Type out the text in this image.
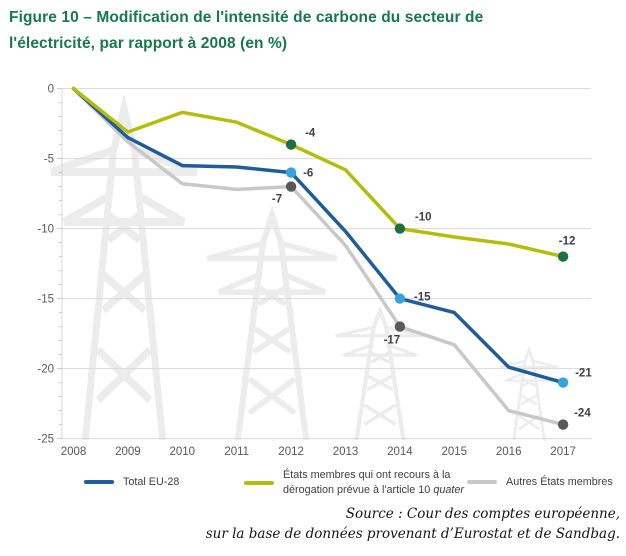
Figure 10 – Modification de l'intensité de carbone du secteur de
l'électricité, par rapport à 2008 (en %)
0
-5
-10
-15
-20
-25
2008	2009	2010	2011	2012	2013	2014	2015	2016	2017
-6
-15
-21
-4
-10
-12
-7
-17
-24
Total EU-28
États membres qui ont recours à la
dérogation prévue à l'article 10 quater
Autres États membres
Source : Cour des comptes européenne,
sur la base de données provenant d’Eurostat et de Sandbag.
